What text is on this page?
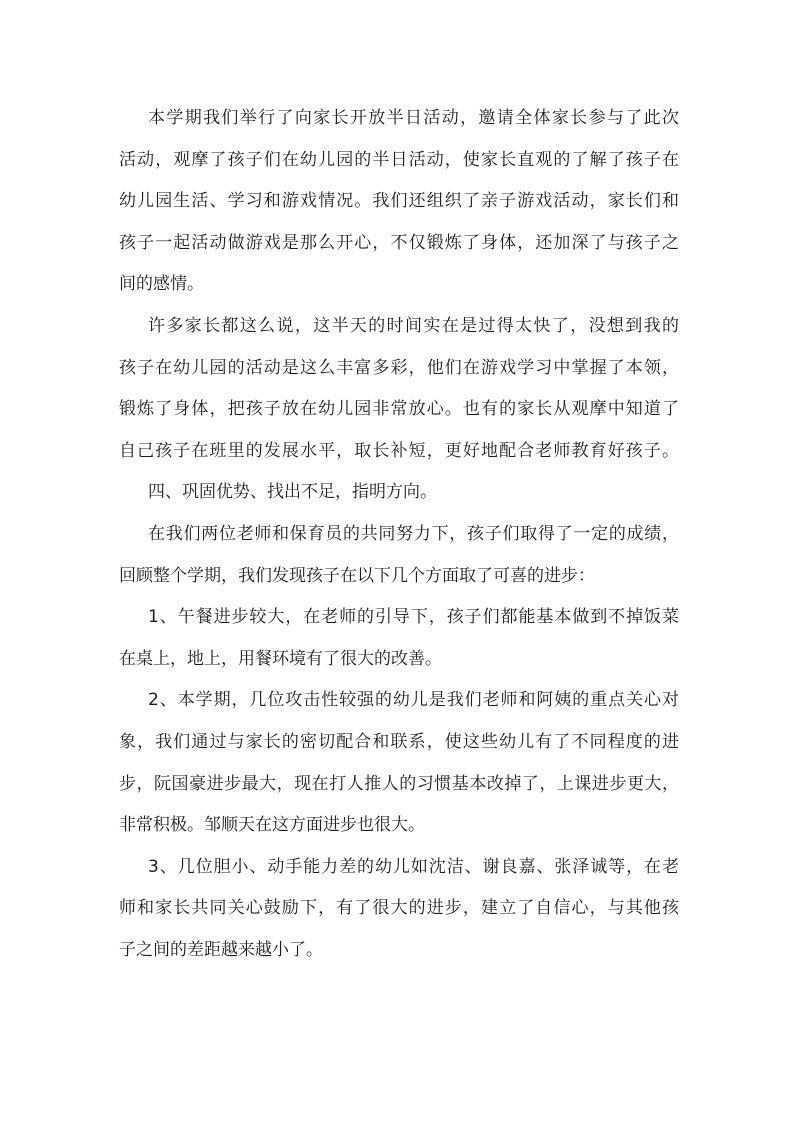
本学期我们举行了向家长开放半日活动，邀请全体家长参与了此次
活动，观摩了孩子们在幼儿园的半日活动，使家长直观的了解了孩子在
幼儿园生活、学习和游戏情况。我们还组织了亲子游戏活动，家长们和
孩子一起活动做游戏是那么开心，不仅锻炼了身体，还加深了与孩子之
间的感情。
许多家长都这么说，这半天的时间实在是过得太快了，没想到我的
孩子在幼儿园的活动是这么丰富多彩，他们在游戏学习中掌握了本领，
锻炼了身体，把孩子放在幼儿园非常放心。也有的家长从观摩中知道了
自己孩子在班里的发展水平，取长补短，更好地配合老师教育好孩子。
四、巩固优势、找出不足，指明方向。
在我们两位老师和保育员的共同努力下，孩子们取得了一定的成绩，
回顾整个学期，我们发现孩子在以下几个方面取了可喜的进步：
1、午餐进步较大，在老师的引导下，孩子们都能基本做到不掉饭菜
在桌上，地上，用餐环境有了很大的改善。
2、本学期，几位攻击性较强的幼儿是我们老师和阿姨的重点关心对
象，我们通过与家长的密切配合和联系，使这些幼儿有了不同程度的进
步，阮国豪进步最大，现在打人推人的习惯基本改掉了，上课进步更大，
非常积极。邹顺天在这方面进步也很大。
3、几位胆小、动手能力差的幼儿如沈洁、谢良嘉、张泽诚等，在老
师和家长共同关心鼓励下，有了很大的进步，建立了自信心，与其他孩
子之间的差距越来越小了。
